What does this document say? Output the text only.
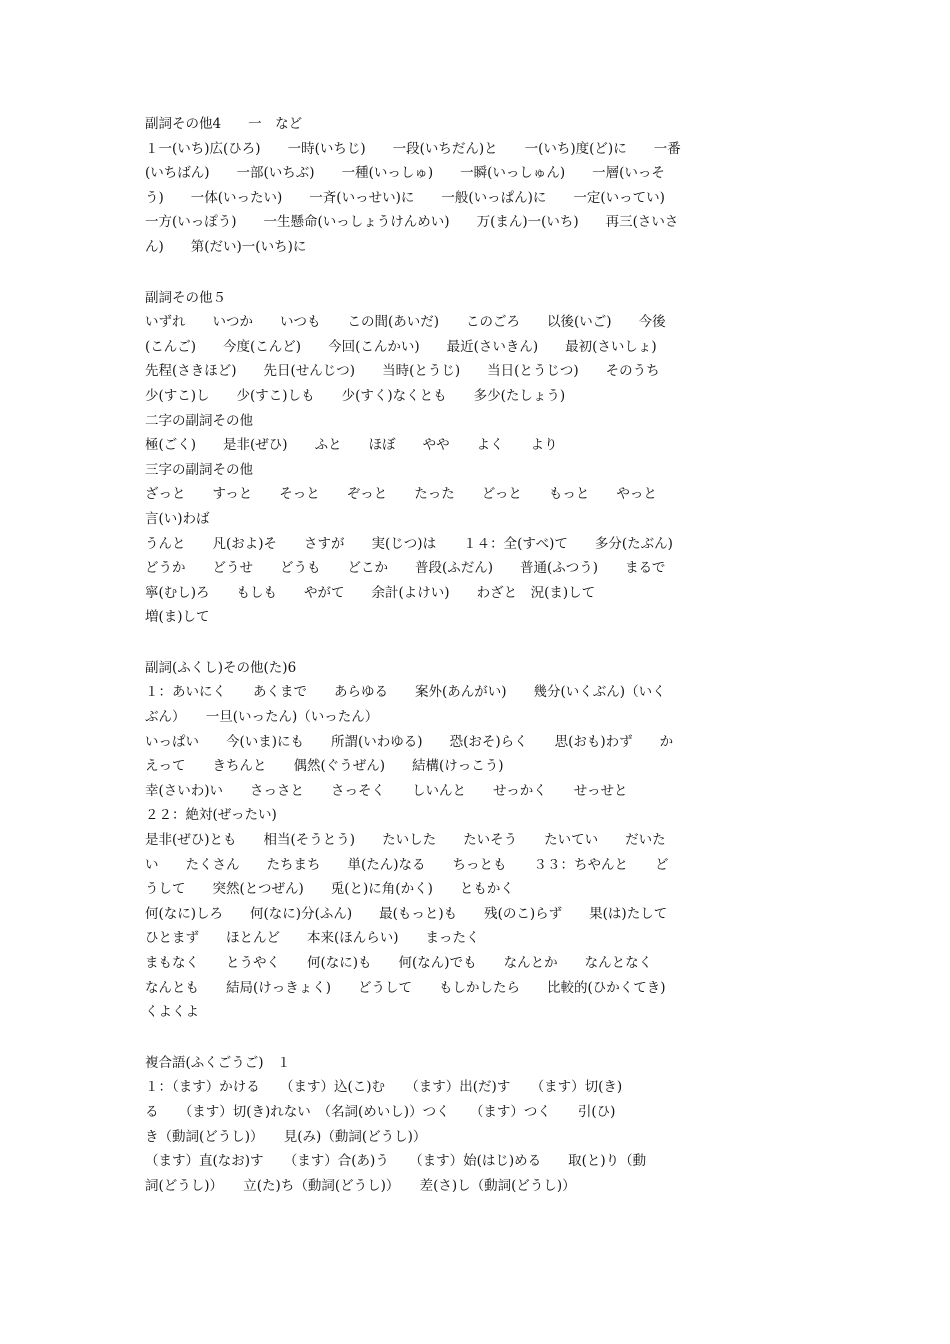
副詞その他4　　一　など
１一(いち)広(ひろ)　　一時(いちじ)　　一段(いちだん)と　　一(いち)度(ど)に　　一番
(いちばん)　　一部(いちぶ)　　一種(いっしゅ)　　一瞬(いっしゅん)　　一層(いっそ
う)　　一体(いったい)　　一斉(いっせい)に　　一般(いっぱん)に　　一定(いってい)
一方(いっぽう)　　一生懸命(いっしょうけんめい)　　万(まん)一(いち)　　再三(さいさ
ん)　　第(だい)一(いち)に
副詞その他５
いずれ　　いつか　　いつも　　この間(あいだ)　　このごろ　　以後(いご)　　今後
(こんご)　　今度(こんど)　　今回(こんかい)　　最近(さいきん)　　最初(さいしょ)
先程(さきほど)　　先日(せんじつ)　　当時(とうじ)　　当日(とうじつ)　　そのうち
少(すこ)し　　少(すこ)しも　　少(すく)なくとも　　多少(たしょう)
二字の副詞その他
極(ごく)　　是非(ぜひ)　　ふと　　ほぼ　　やや　　よく　　より
三字の副詞その他
ざっと　　すっと　　そっと　　ぞっと　　たった　　どっと　　もっと　　やっと
言(い)わば
うんと　　凡(およ)そ　　さすが　　実(じつ)は　　１４：全(すべ)て　　多分(たぶん)
どうか　　どうせ　　どうも　　どこか　　普段(ふだん)　　普通(ふつう)　　まるで
寧(むし)ろ　　もしも　　やがて　　余計(よけい)　　わざと　況(ま)して
増(ま)して
副詞(ふくし)その他(た)6
１：あいにく　　あくまで　　あらゆる　　案外(あんがい)　　幾分(いくぶん)（いく
ぶん）　　一旦(いったん)（いったん）
いっぱい　　今(いま)にも　　所謂(いわゆる)　　恐(おそ)らく　　思(おも)わず　　か
えって　　きちんと　　偶然(ぐうぜん)　　結構(けっこう)
幸(さいわ)い　　さっさと　　さっそく　　しいんと　　せっかく　　せっせと
２２：絶対(ぜったい)
是非(ぜひ)とも　　相当(そうとう)　　たいした　　たいそう　　たいてい　　だいた
い　　たくさん　　たちまち　　単(たん)なる　　ちっとも　　３３：ちやんと　　ど
うして　　突然(とつぜん)　　兎(と)に角(かく)　　ともかく
何(なに)しろ　　何(なに)分(ふん)　　最(もっと)も　　残(のこ)らず　　果(は)たして
ひとまず　　ほとんど　　本来(ほんらい)　　まったく
まもなく　　とうやく　　何(なに)も　　何(なん)でも　　なんとか　　なんとなく
なんとも　　結局(けっきょく)　　どうして　　もしかしたら　　比較的(ひかくてき)
くよくよ
複合語(ふくごうご)　１
１：（ます）かける　　（ます）込(こ)む　　（ます）出(だ)す　　（ます）切(き)
る　　（ます）切(き)れない　（名詞(めいし)）つく　　（ます）つく　　引(ひ)
き（動詞(どうし)）　　見(み)（動詞(どうし)）
（ます）直(なお)す　　（ます）合(あ)う　　（ます）始(はじ)める　　取(と)り（動
詞(どうし)）　　立(た)ち（動詞(どうし)）　　差(さ)し（動詞(どうし)）
